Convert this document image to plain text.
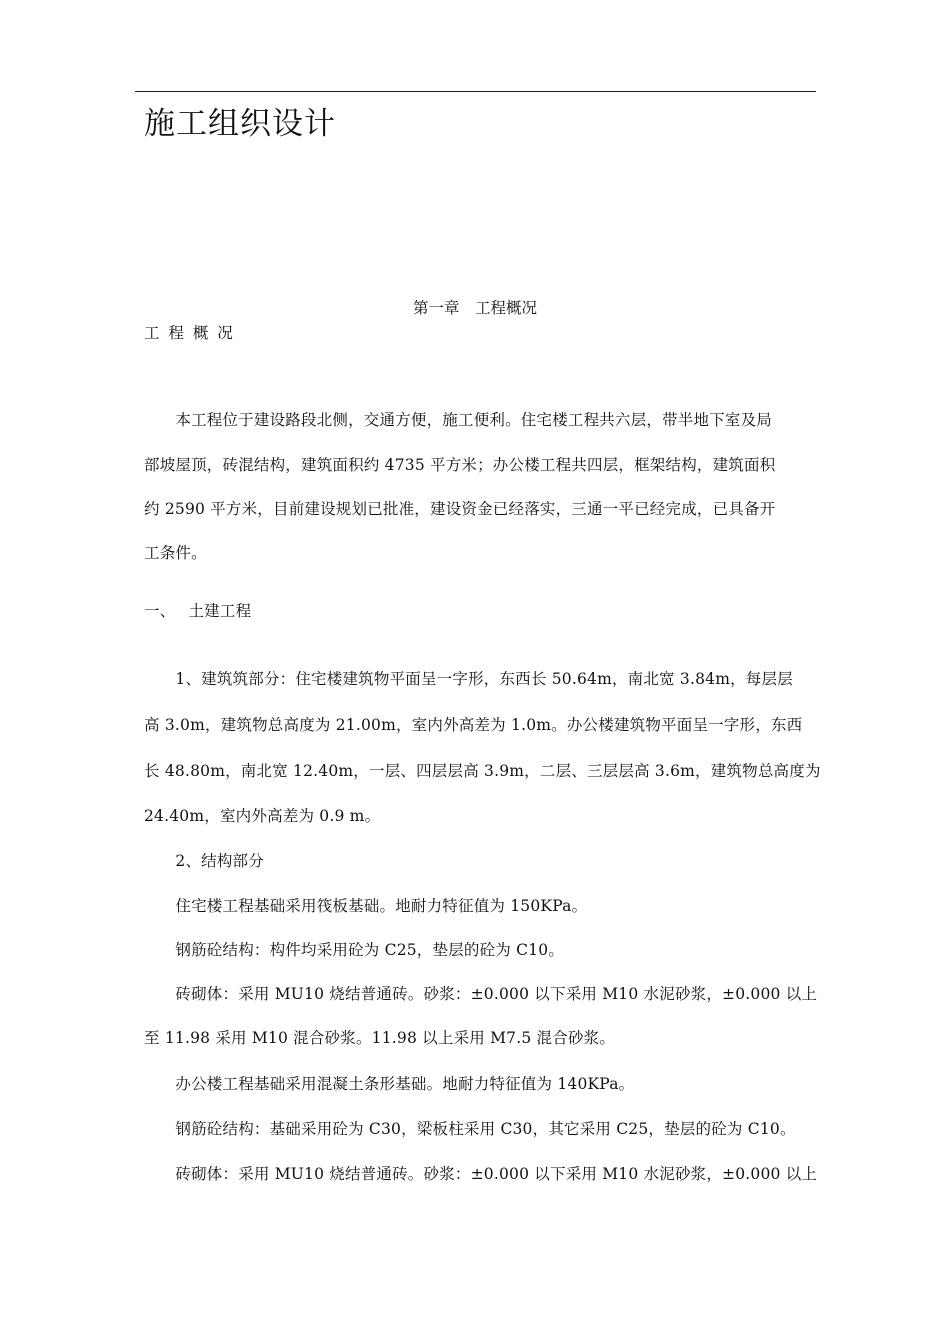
施工组织设计
第一章　工程概况
工 程 概 况
　　本工程位于建设路段北侧，交通方便，施工便利。住宅楼工程共六层，带半地下室及局
部坡屋顶，砖混结构，建筑面积约 4735 平方米；办公楼工程共四层，框架结构，建筑面积
约 2590 平方米，目前建设规划已批准，建设资金已经落实，三通一平已经完成，已具备开
工条件。
一、　 土建工程
　　1、建筑筑部分：住宅楼建筑物平面呈一字形，东西长 50.64m，南北宽 3.84m，每层层
高 3.0m，建筑物总高度为 21.00m，室内外高差为 1.0m。办公楼建筑物平面呈一字形，东西
长 48.80m，南北宽 12.40m，一层、四层层高 3.9m，二层、三层层高 3.6m，建筑物总高度为
24.40m，室内外高差为 0.9 m。
　　2、结构部分
　　住宅楼工程基础采用筏板基础。地耐力特征值为 150KPa。
　　钢筋砼结构：构件均采用砼为 C25，垫层的砼为 C10。
　　砖砌体：采用 MU10 烧结普通砖。砂浆：±0.000 以下采用 M10 水泥砂浆，±0.000 以上
至 11.98 采用 M10 混合砂浆。11.98 以上采用 M7.5 混合砂浆。
　　办公楼工程基础采用混凝土条形基础。地耐力特征值为 140KPa。
　　钢筋砼结构：基础采用砼为 C30，梁板柱采用 C30，其它采用 C25，垫层的砼为 C10。
　　砖砌体：采用 MU10 烧结普通砖。砂浆：±0.000 以下采用 M10 水泥砂浆，±0.000 以上
